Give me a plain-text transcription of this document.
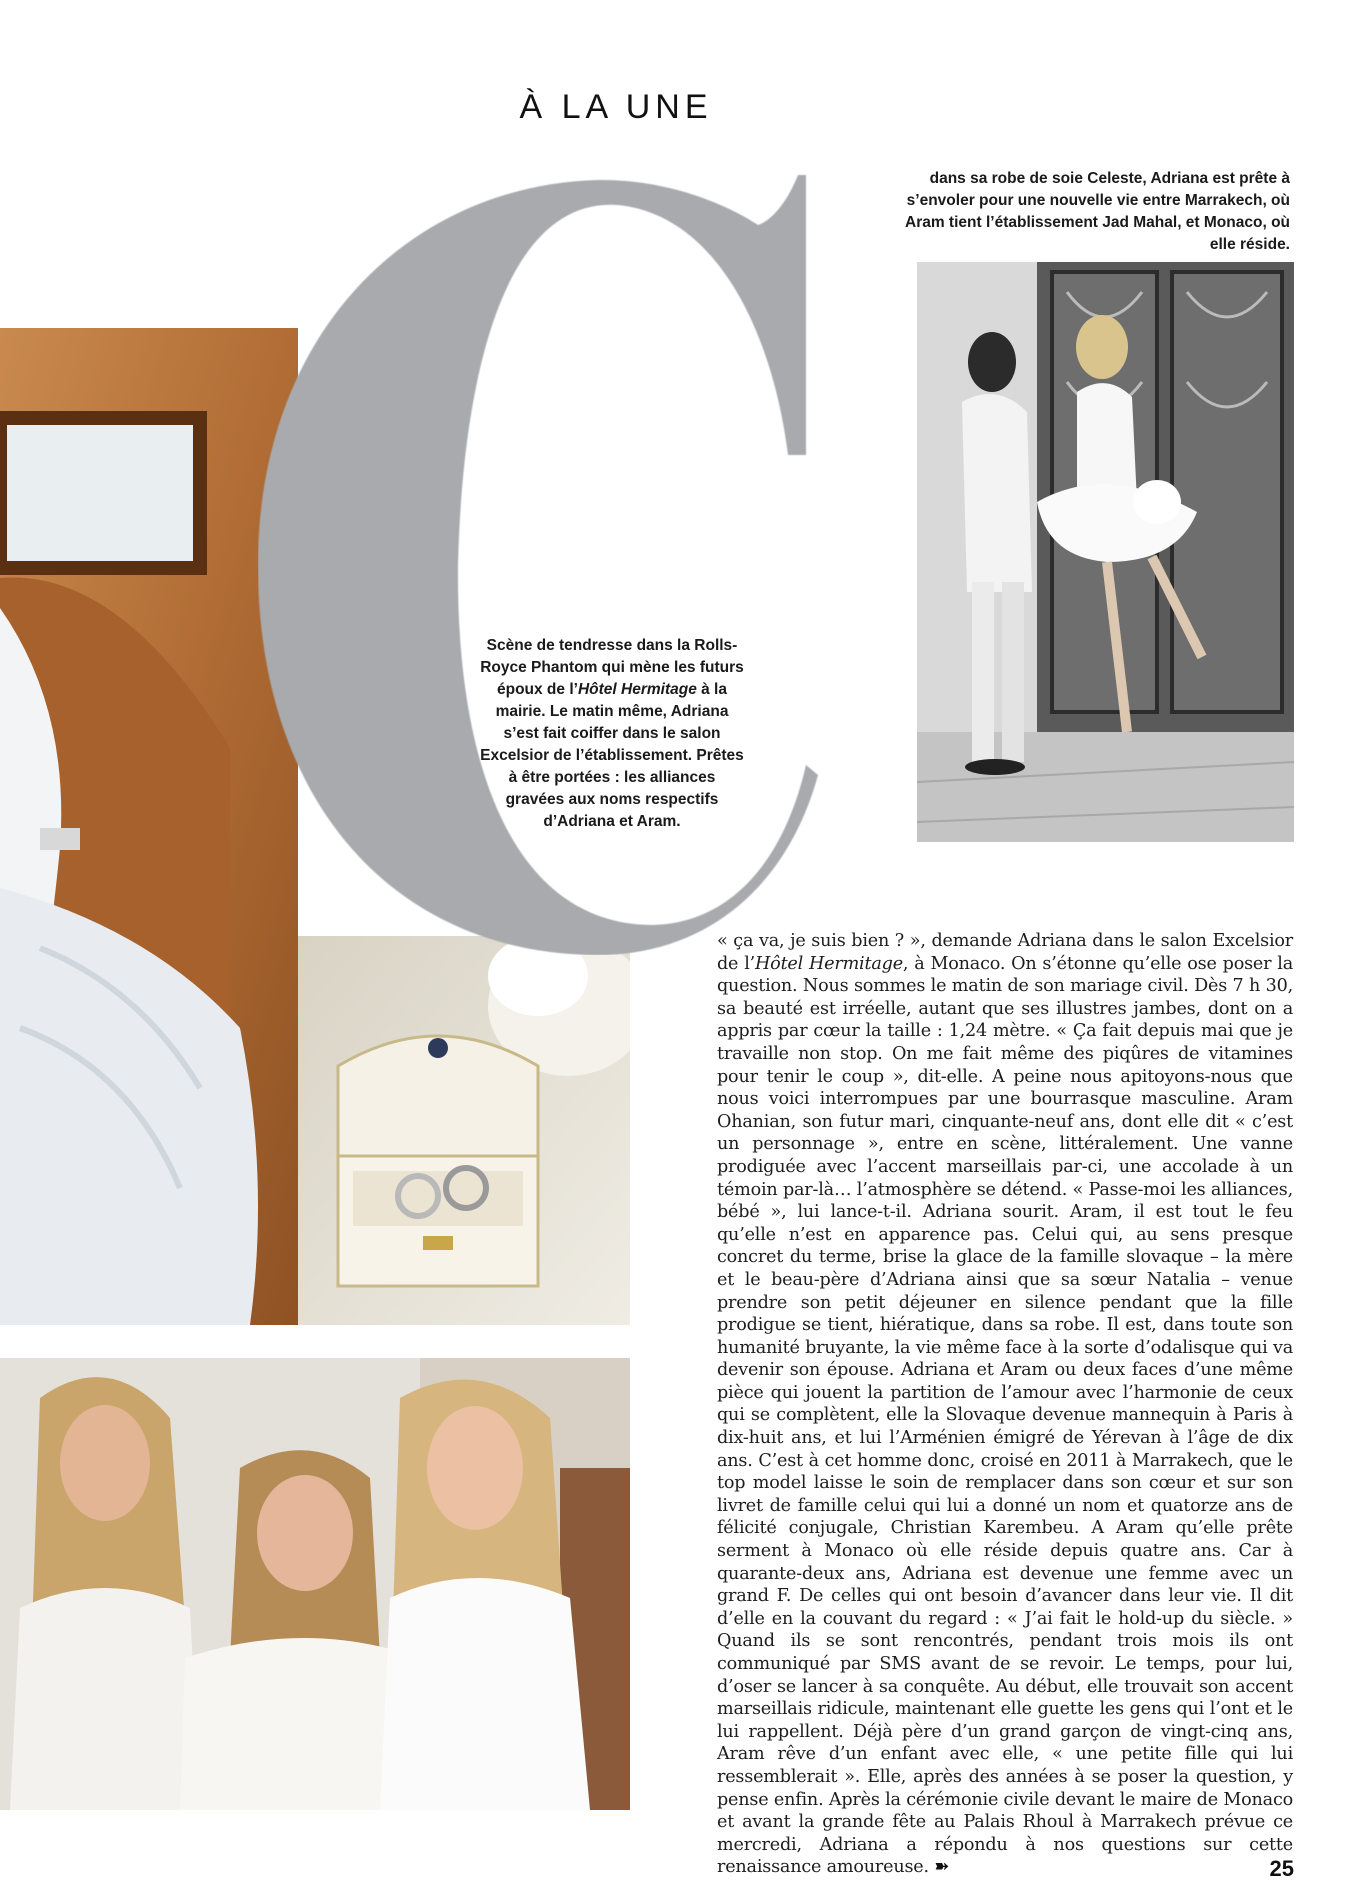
À LA UNE
dans sa robe de soie Celeste, Adriana est prête à s’envoler pour une nouvelle vie entre Marrakech, où Aram tient l’établissement Jad Mahal, et Monaco, où elle réside.
Scène de tendresse dans la Rolls-Royce Phantom qui mène les futurs époux de l’Hôtel Hermitage à la mairie. Le matin même, Adriana s’est fait coiffer dans le salon Excelsior de l’établissement. Prêtes à être portées : les alliances gravées aux noms respectifs d’Adriana et Aram.

« ça va, je suis bien ? », demande Adriana dans le salon Excelsior de l’Hôtel Hermitage, à Monaco. On s’étonne qu’elle ose poser la question. Nous sommes le matin de son mariage civil. Dès 7 h 30, sa beauté est irréelle, autant que ses illustres jambes, dont on a appris par cœur la taille : 1,24 mètre. « Ça fait depuis mai que je travaille non stop. On me fait même des piqûres de vitamines pour tenir le coup », dit-elle. A peine nous apitoyons-nous que nous voici interrompues par une bourrasque masculine. Aram Ohanian, son futur mari, cinquante-neuf ans, dont elle dit « c’est un personnage », entre en scène, littéralement. Une vanne prodiguée avec l’accent marseillais par-ci, une accolade à un témoin par-là… l’atmosphère se détend. « Passe-moi les alliances, bébé », lui lance-t-il. Adriana sourit. Aram, il est tout le feu qu’elle n’est en apparence pas. Celui qui, au sens presque concret du terme, brise la glace de la famille slovaque – la mère et le beau-père d’Adriana ainsi que sa sœur Natalia – venue prendre son petit déjeuner en silence pendant que la fille prodigue se tient, hiératique, dans sa robe. Il est, dans toute son humanité bruyante, la vie même face à la sorte d’odalisque qui va devenir son épouse. Adriana et Aram ou deux faces d’une même pièce qui jouent la partition de l’amour avec l’harmonie de ceux qui se complètent, elle la Slovaque devenue mannequin à Paris à dix-huit ans, et lui l’Arménien émigré de Yérevan à l’âge de dix ans. C’est à cet homme donc, croisé en 2011 à Marrakech, que le top model laisse le soin de remplacer dans son cœur et sur son livret de famille celui qui lui a donné un nom et quatorze ans de félicité conjugale, Christian Karembeu. A Aram qu’elle prête serment à Monaco où elle réside depuis quatre ans. Car à quarante-deux ans, Adriana est devenue une femme avec un grand F. De celles qui ont besoin d’avancer dans leur vie. Il dit d’elle en la couvant du regard : « J’ai fait le hold-up du siècle. » Quand ils se sont rencontrés, pendant trois mois ils ont communiqué par SMS avant de se revoir. Le temps, pour lui, d’oser se lancer à sa conquête. Au début, elle trouvait son accent marseillais ridicule, maintenant elle guette les gens qui l’ont et le lui rappellent. Déjà père d’un grand garçon de vingt-cinq ans, Aram rêve d’un enfant avec elle, « une petite fille qui lui ressemblerait ». Elle, après des années à se poser la question, y pense enfin. Après la cérémonie civile devant le maire de Monaco et avant la grande fête au Palais Rhoul à Marrakech prévue ce mercredi, Adriana a répondu à nos questions sur cette renaissance amoureuse. ➽	25
